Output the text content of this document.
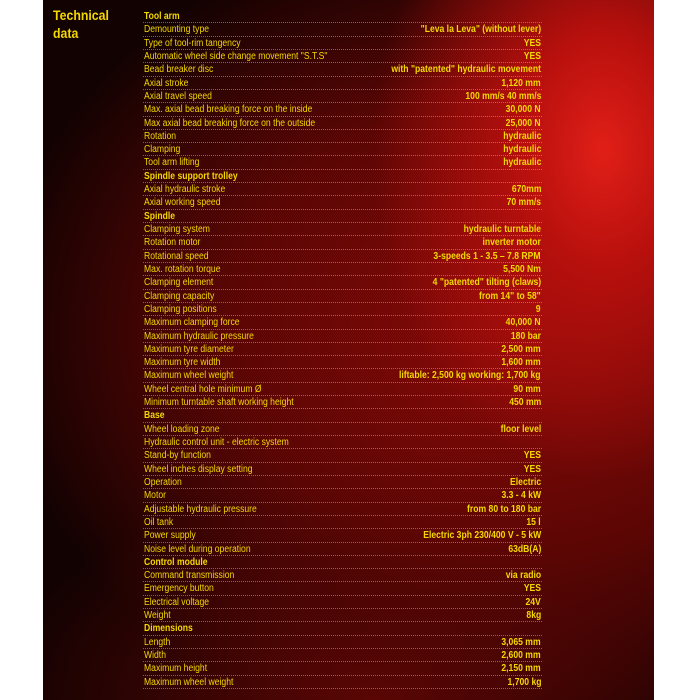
Technical data
Tool arm
Demounting type	"Leva la Leva" (without lever)
Type of tool-rim tangency	YES
Automatic wheel side change movement "S.T.S"	YES
Bead breaker disc	with "patented" hydraulic movement
Axial stroke	1,120 mm
Axial travel speed	100 mm/s 40 mm/s
Max. axial bead breaking force on the inside	30,000 N
Max axial bead breaking force on the outside	25,000 N
Rotation	hydraulic
Clamping	hydraulic
Tool arm lifting	hydraulic
Spindle support trolley
Axial hydraulic stroke	670mm
Axial working speed	70 mm/s
Spindle
Clamping system	hydraulic turntable
Rotation motor	inverter motor
Rotational speed	3-speeds 1 - 3.5 – 7.8 RPM
Max. rotation torque	5,500 Nm
Clamping element	4 "patented" tilting (claws)
Clamping capacity	from 14" to 58"
Clamping positions	9
Maximum clamping force	40,000 N
Maximum hydraulic pressure	180 bar
Maximum tyre diameter	2,500 mm
Maximum tyre width	1,600 mm
Maximum wheel weight	liftable: 2,500 kg working: 1,700 kg
Wheel central hole minimum Ø	90 mm
Minimum turntable shaft working height	450 mm
Base
Wheel loading zone	floor level
Hydraulic control unit - electric system
Stand-by function	YES
Wheel inches display setting	YES
Operation	Electric
Motor	3.3 - 4 kW
Adjustable hydraulic pressure	from 80 to 180 bar
Oil tank	15 l
Power supply	Electric 3ph 230/400 V - 5 kW
Noise level during operation	63dB(A)
Control module
Command transmission	via radio
Emergency button	YES
Electrical voltage	24V
Weight	8kg
Dimensions
Length	3,065 mm
Width	2,600 mm
Maximum height	2,150 mm
Maximum wheel weight	1,700 kg
